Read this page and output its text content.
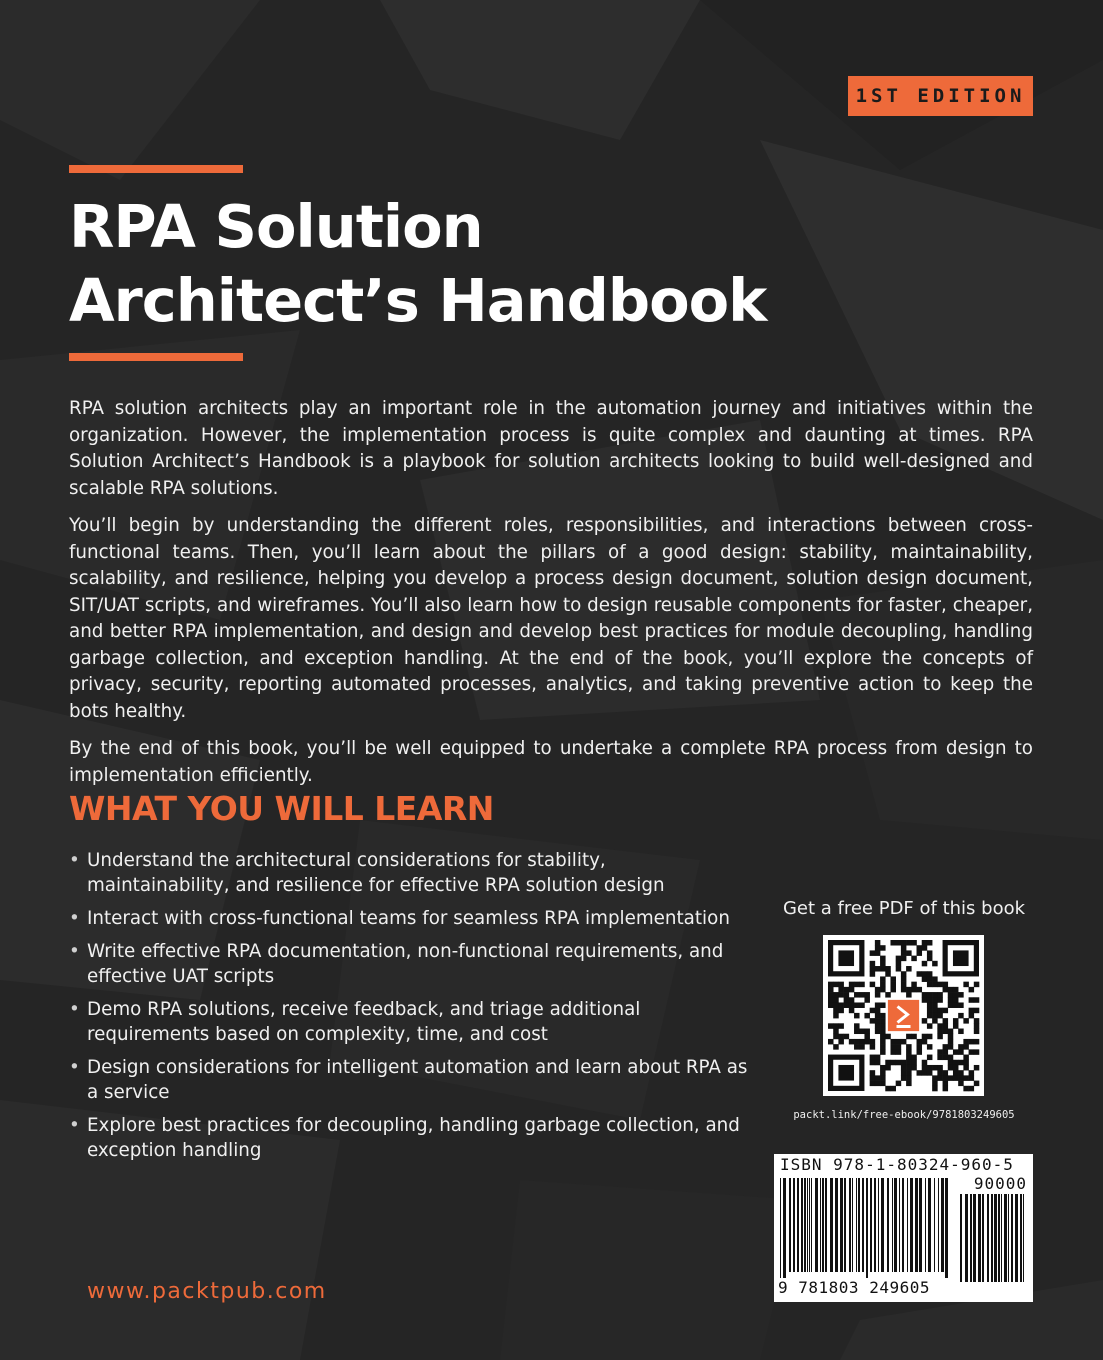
1ST EDITION
RPA Solution
Architect’s Handbook

RPA solution architects play an important role in the automation journey and initiatives within the organization. However, the implementation process is quite complex and daunting at times. RPA Solution Architect’s Handbook is a playbook for solution architects looking to build well-designed and scalable RPA solutions.

You’ll begin by understanding the different roles, responsibilities, and interactions between cross-functional teams. Then, you’ll learn about the pillars of a good design: stability, maintainability, scalability, and resilience, helping you develop a process design document, solution design document, SIT/UAT scripts, and wireframes. You’ll also learn how to design reusable components for faster, cheaper, and better RPA implementation, and design and develop best practices for module decoupling, handling garbage collection, and exception handling. At the end of the book, you’ll explore the concepts of privacy, security, reporting automated processes, analytics, and taking preventive action to keep the bots healthy.

By the end of this book, you’ll be well equipped to undertake a complete RPA process from design to implementation efficiently.

WHAT YOU WILL LEARN
• Understand the architectural considerations for stability, maintainability, and resilience for effective RPA solution design
• Interact with cross-functional teams for seamless RPA implementation
• Write effective RPA documentation, non-functional requirements, and effective UAT scripts
• Demo RPA solutions, receive feedback, and triage additional requirements based on complexity, time, and cost
• Design considerations for intelligent automation and learn about RPA as a service
• Explore best practices for decoupling, handling garbage collection, and exception handling
Get a free PDF of this book
packt.link/free-ebook/9781803249605
ISBN 978-1-80324-960-5
90000
9 781803 249605
www.packtpub.com
